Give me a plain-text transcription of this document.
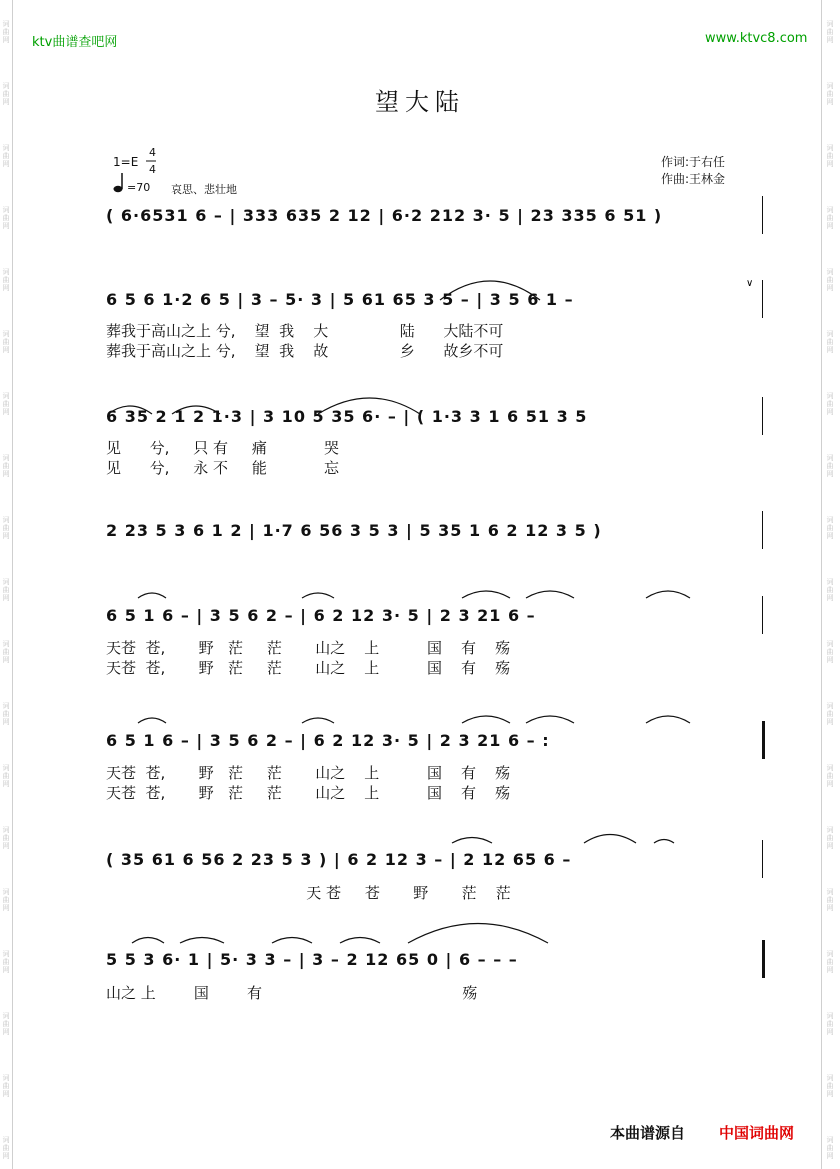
词曲网
词曲网
词曲网
词曲网
词曲网
词曲网
词曲网
词曲网
词曲网
词曲网
词曲网
词曲网
词曲网
词曲网
词曲网
词曲网
词曲网
词曲网
词曲网
词曲网
词曲网
词曲网
词曲网
词曲网
词曲网
词曲网
词曲网
词曲网
词曲网
词曲网
词曲网
词曲网
词曲网
词曲网
词曲网
词曲网
词曲网
词曲网
ktv曲谱查吧网	www.ktvc8.com
望大陆
1=E
4
4
=70 哀思、悲壮地
作词:于右任
作曲:王林金
( 6·6531 6 – | 333 635 2 12 | 6·2 212 3· 5 | 23 335 6 51 )
6 5 6 1·2 6 5 | 3 – 5· 3 | 5 61 65 3 5 – | 3 5 6 1 –
葬我于高山之上 兮,    望  我    大               陆      大陆不可
葬我于高山之上 兮,    望  我    故               乡      故乡不可
6 35 2 1 2 1·3 | 3 10 5 35 6· – | ( 1·3 3 1 6 51 3 5
见      兮,     只 有     痛            哭
见      兮,     永 不     能            忘
2 23 5 3 6 1 2 | 1·7 6 56 3 5 3 | 5 35 1 6 2 12 3 5 )
6 5 1 6 – | 3 5 6 2 – | 6 2 12 3· 5 | 2 3 21 6 –
天苍  苍,       野   茫     茫       山之    上          国    有    殇
天苍  苍,       野   茫     茫       山之    上          国    有    殇
6 5 1 6 – | 3 5 6 2 – | 6 2 12 3· 5 | 2 3 21 6 – :
天苍  苍,       野   茫     茫       山之    上          国    有    殇
天苍  苍,       野   茫     茫       山之    上          国    有    殇
( 35 61 6 56 2 23 5 3 ) | 6 2 12 3 – | 2 12 65 6 –
天 苍     苍       野       茫    茫
5 5 3 6· 1 | 5· 3 3 – | 3 – 2 12 65 0 | 6 – – –
山之 上        国        有                                          殇
∨
本曲谱源自 中国词曲网
